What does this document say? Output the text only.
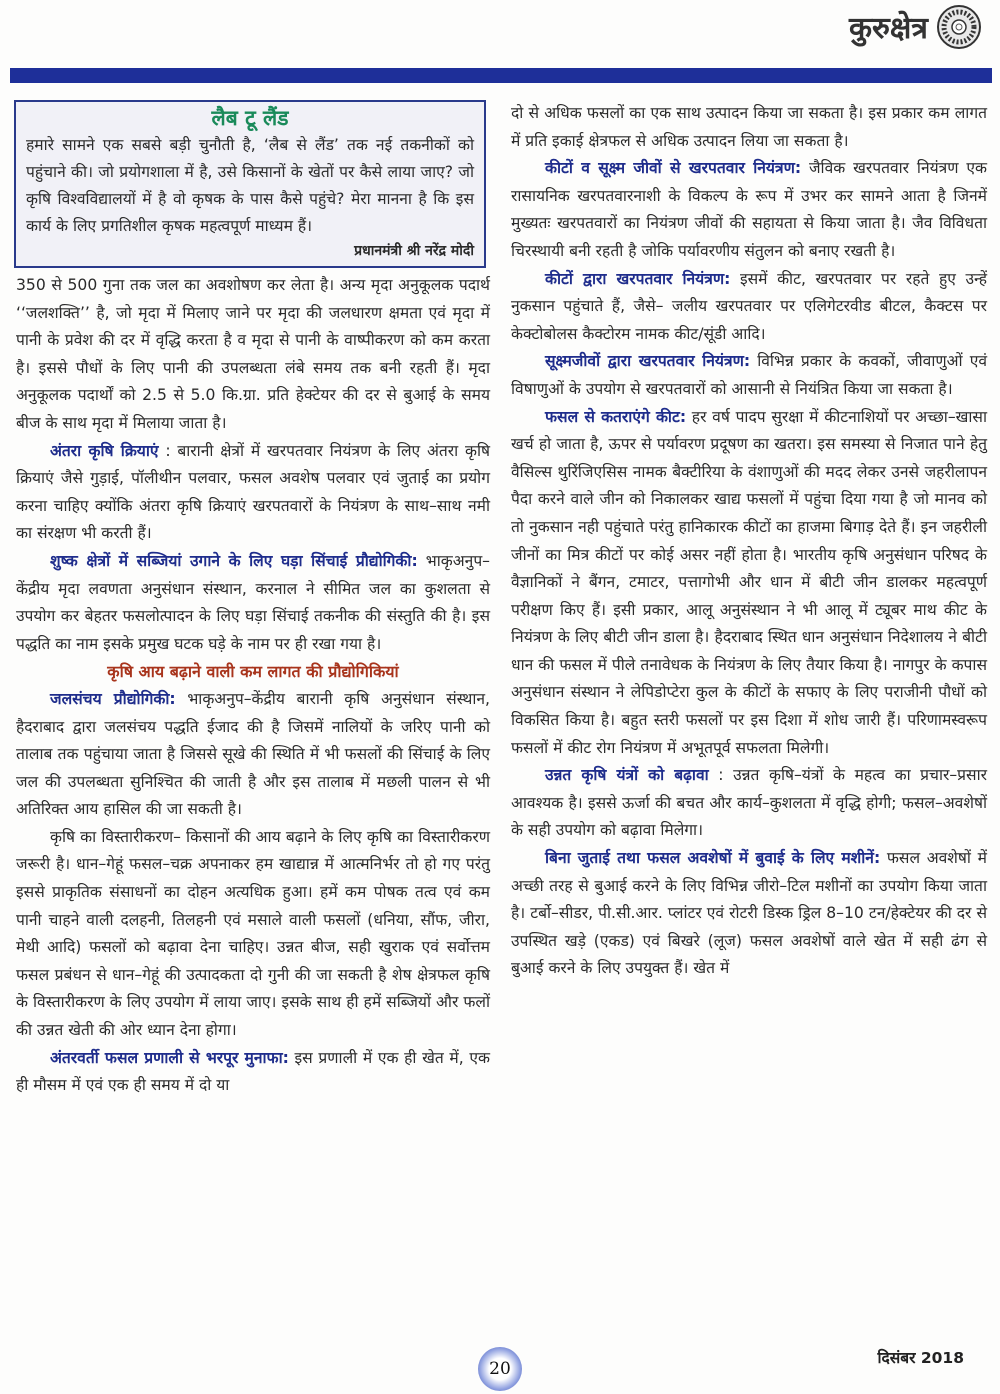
कुरुक्षेत्र
लैब टू लैंड
हमारे सामने एक सबसे बड़ी चुनौती है, ‘लैब से लैंड’ तक नई तकनीकों को पहुंचाने की। जो प्रयोगशाला में है, उसे किसानों के खेतों पर कैसे लाया जाए? जो कृषि विश्वविद्यालयों में है वो कृषक के पास कैसे पहुंचे? मेरा मानना है कि इस कार्य के लिए प्रगतिशील कृषक महत्वपूर्ण माध्यम हैं।
प्रधानमंत्री श्री नरेंद्र मोदी

350 से 500 गुना तक जल का अवशोषण कर लेता है। अन्य मृदा अनुकूलक पदार्थ ‘‘जलशक्ति’’ है, जो मृदा में मिलाए जाने पर मृदा की जलधारण क्षमता एवं मृदा में पानी के प्रवेश की दर में वृद्धि करता है व मृदा से पानी के वाष्पीकरण को कम करता है। इससे पौधों के लिए पानी की उपलब्धता लंबे समय तक बनी रहती हैं। मृदा अनुकूलक पदार्थों को 2.5 से 5.0 कि.ग्रा. प्रति हेक्टेयर की दर से बुआई के समय बीज के साथ मृदा में मिलाया जाता है।

अंतरा कृषि क्रियाएं : बारानी क्षेत्रों में खरपतवार नियंत्रण के लिए अंतरा कृषि क्रियाएं जैसे गुड़ाई, पॉलीथीन पलवार, फसल अवशेष पलवार एवं जुताई का प्रयोग करना चाहिए क्योंकि अंतरा कृषि क्रियाएं खरपतवारों के नियंत्रण के साथ–साथ नमी का संरक्षण भी करती हैं।

शुष्क क्षेत्रों में सब्जियां उगाने के लिए घड़ा सिंचाई प्रौद्योगिकी: भाकृअनुप–केंद्रीय मृदा लवणता अनुसंधान संस्थान, करनाल ने सीमित जल का कुशलता से उपयोग कर बेहतर फसलोत्पादन के लिए घड़ा सिंचाई तकनीक की संस्तुति की है। इस पद्धति का नाम इसके प्रमुख घटक घड़े के नाम पर ही रखा गया है।

कृषि आय बढ़ाने वाली कम लागत की प्रौद्योगिकियां

जलसंचय प्रौद्योगिकी: भाकृअनुप–केंद्रीय बारानी कृषि अनुसंधान संस्थान, हैदराबाद द्वारा जलसंचय पद्धति ईजाद की है जिसमें नालियों के जरिए पानी को तालाब तक पहुंचाया जाता है जिससे सूखे की स्थिति में भी फसलों की सिंचाई के लिए जल की उपलब्धता सुनिश्चित की जाती है और इस तालाब में मछली पालन से भी अतिरिक्त आय हासिल की जा सकती है।

कृषि का विस्तारीकरण– किसानों की आय बढ़ाने के लिए कृषि का विस्तारीकरण जरूरी है। धान–गेहूं फसल–चक्र अपनाकर हम खाद्यान्न में आत्मनिर्भर तो हो गए परंतु इससे प्राकृतिक संसाधनों का दोहन अत्यधिक हुआ। हमें कम पोषक तत्व एवं कम पानी चाहने वाली दलहनी, तिलहनी एवं मसाले वाली फसलों (धनिया, सौंफ, जीरा, मेथी आदि) फसलों को बढ़ावा देना चाहिए। उन्नत बीज, सही खुराक एवं सर्वोत्तम फसल प्रबंधन से धान–गेहूं की उत्पादकता दो गुनी की जा सकती है शेष क्षेत्रफल कृषि के विस्तारीकरण के लिए उपयोग में लाया जाए। इसके साथ ही हमें सब्जियों और फलों की उन्नत खेती की ओर ध्यान देना होगा।

अंतरवर्ती फसल प्रणाली से भरपूर मुनाफा: इस प्रणाली में एक ही खेत में, एक ही मौसम में एवं एक ही समय में दो या

दो से अधिक फसलों का एक साथ उत्पादन किया जा सकता है। इस प्रकार कम लागत में प्रति इकाई क्षेत्रफल से अधिक उत्पादन लिया जा सकता है।

कीटों व सूक्ष्म जीवों से खरपतवार नियंत्रण: जैविक खरपतवार नियंत्रण एक रासायनिक खरपतवारनाशी के विकल्प के रूप में उभर कर सामने आता है जिनमें मुख्यतः खरपतवारों का नियंत्रण जीवों की सहायता से किया जाता है। जैव विविधता चिरस्थायी बनी रहती है जोकि पर्यावरणीय संतुलन को बनाए रखती है।

कीटों द्वारा खरपतवार नियंत्रण: इसमें कीट, खरपतवार पर रहते हुए उन्हें नुकसान पहुंचाते हैं, जैसे– जलीय खरपतवार पर एलिगेटरवीड बीटल, कैक्टस पर केक्टोबोलस कैक्टोरम नामक कीट/सूंडी आदि।

सूक्ष्मजीवों द्वारा खरपतवार नियंत्रण: विभिन्न प्रकार के कवकों, जीवाणुओं एवं विषाणुओं के उपयोग से खरपतवारों को आसानी से नियंत्रित किया जा सकता है।

फसल से कतराएंगे कीट: हर वर्ष पादप सुरक्षा में कीटनाशियों पर अच्छा–खासा खर्च हो जाता है, ऊपर से पर्यावरण प्रदूषण का खतरा। इस समस्या से निजात पाने हेतु वैसिल्स थुरिंजिएसिस नामक बैक्टीरिया के वंशाणुओं की मदद लेकर उनसे जहरीलापन पैदा करने वाले जीन को निकालकर खाद्य फसलों में पहुंचा दिया गया है जो मानव को तो नुकसान नही पहुंचाते परंतु हानिकारक कीटों का हाजमा बिगाड़ देते हैं। इन जहरीली जीनों का मित्र कीटों पर कोई असर नहीं होता है। भारतीय कृषि अनुसंधान परिषद के वैज्ञानिकों ने बैंगन, टमाटर, पत्तागोभी और धान में बीटी जीन डालकर महत्वपूर्ण परीक्षण किए हैं। इसी प्रकार, आलू अनुसंस्थान ने भी आलू में ट्यूबर माथ कीट के नियंत्रण के लिए बीटी जीन डाला है। हैदराबाद स्थित धान अनुसंधान निदेशालय ने बीटी धान की फसल में पीले तनावेधक के नियंत्रण के लिए तैयार किया है। नागपुर के कपास अनुसंधान संस्थान ने लेपिडोप्टेरा कुल के कीटों के सफाए के लिए पराजीनी पौधों को विकसित किया है। बहुत स्तरी फसलों पर इस दिशा में शोध जारी हैं। परिणामस्वरूप फसलों में कीट रोग नियंत्रण में अभूतपूर्व सफलता मिलेगी।

उन्नत कृषि यंत्रों को बढ़ावा : उन्नत कृषि–यंत्रों के महत्व का प्रचार–प्रसार आवश्यक है। इससे ऊर्जा की बचत और कार्य–कुशलता में वृद्धि होगी; फसल–अवशेषों के सही उपयोग को बढ़ावा मिलेगा।

बिना जुताई तथा फसल अवशेषों में बुवाई के लिए मशीनें: फसल अवशेषों में अच्छी तरह से बुआई करने के लिए विभिन्न जीरो–टिल मशीनों का उपयोग किया जाता है। टर्बो–सीडर, पी.सी.आर. प्लांटर एवं रोटरी डिस्क ड्रिल 8–10 टन/हेक्टेयर की दर से उपस्थित खड़े (एकड) एवं बिखरे (लूज) फसल अवशेषों वाले खेत में सही ढंग से बुआई करने के लिए उपयुक्त हैं। खेत में

20
दिसंबर 2018
